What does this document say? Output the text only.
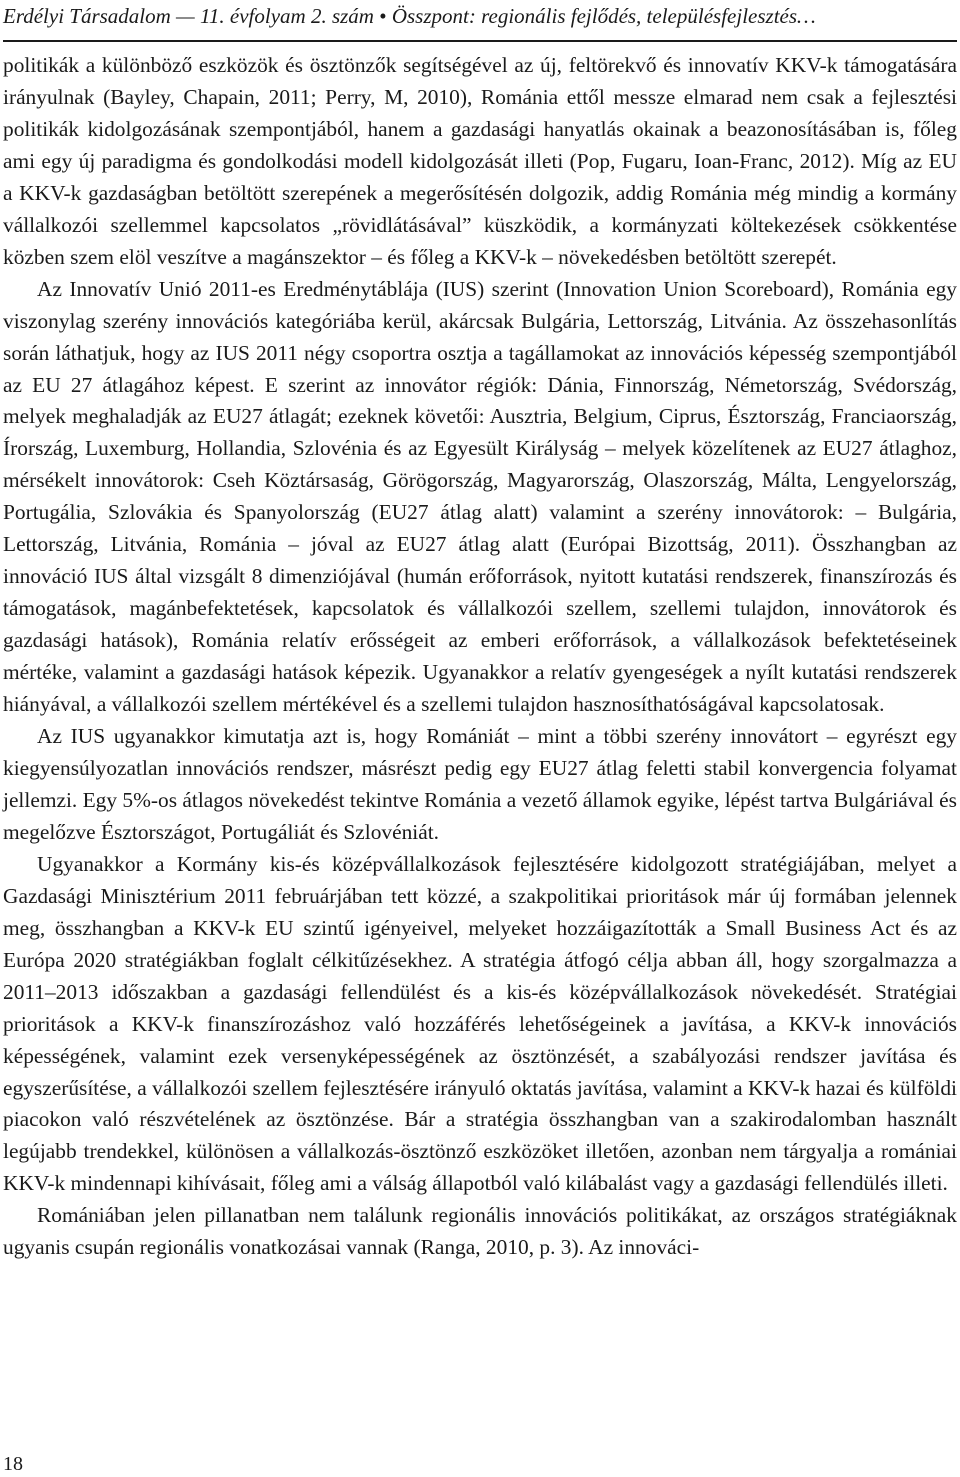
Erdélyi Társadalom — 11. évfolyam 2. szám • Összpont: regionális fejlődés, településfejlesztés…

politikák a különböző eszközök és ösztönzők segítségével az új, feltörekvő és innovatív KKV-k támogatására irányulnak (Bayley, Chapain, 2011; Perry, M, 2010), Románia ettől messze elmarad nem csak a fejlesztési politikák kidolgozásának szempontjából, hanem a gazdasági hanyatlás okainak a beazonosításában is, főleg ami egy új paradigma és gondolkodási modell kidolgozását illeti (Pop, Fugaru, Ioan-Franc, 2012). Míg az EU a KKV-k gazdaságban betöltött szerepének a megerősítésén dolgozik, addig Románia még mindig a kormány vállalkozói szellemmel kapcsolatos „rövidlátásával” küszködik, a kormányzati költekezések csökkentése közben szem elöl veszítve a magánszektor – és főleg a KKV-k – növekedésben betöltött szerepét.

Az Innovatív Unió 2011-es Eredménytáblája (IUS) szerint (Innovation Union Scoreboard), Románia egy viszonylag szerény innovációs kategóriába kerül, akárcsak Bulgária, Lettország, Litvánia. Az összehasonlítás során láthatjuk, hogy az IUS 2011 négy csoportra osztja a tagállamokat az innovációs képesség szempontjából az EU 27 átlagához képest. E szerint az innovátor régiók: Dánia, Finnország, Németország, Svédország, melyek meghaladják az EU27 átlagát; ezeknek követői: Ausztria, Belgium, Ciprus, Észtország, Franciaország, Írország, Luxemburg, Hollandia, Szlovénia és az Egyesült Királyság – melyek közelítenek az EU27 átlaghoz, mérsékelt innovátorok: Cseh Köztársaság, Görögország, Magyarország, Olaszország, Málta, Lengyelország, Portugália, Szlovákia és Spanyolország (EU27 átlag alatt) valamint a szerény innovátorok: – Bulgária, Lettország, Litvánia, Románia – jóval az EU27 átlag alatt (Európai Bizottság, 2011). Összhangban az innováció IUS által vizsgált 8 dimenziójával (humán erőforrások, nyitott kutatási rendszerek, finanszírozás és támogatások, magánbefektetések, kapcsolatok és vállalkozói szellem, szellemi tulajdon, innovátorok és gazdasági hatások), Románia relatív erősségeit az emberi erőforrások, a vállalkozások befektetéseinek mértéke, valamint a gazdasági hatások képezik. Ugyanakkor a relatív gyengeségek a nyílt kutatási rendszerek hiányával, a vállalkozói szellem mértékével és a szellemi tulajdon hasznosíthatóságával kapcsolatosak.

Az IUS ugyanakkor kimutatja azt is, hogy Romániát – mint a többi szerény innovátort – egyrészt egy kiegyensúlyozatlan innovációs rendszer, másrészt pedig egy EU27 átlag feletti stabil konvergencia folyamat jellemzi. Egy 5%-os átlagos növekedést tekintve Románia a vezető államok egyike, lépést tartva Bulgáriával és megelőzve Észtországot, Portugáliát és Szlovéniát.

Ugyanakkor a Kormány kis-és középvállalkozások fejlesztésére kidolgozott stratégiájában, melyet a Gazdasági Minisztérium 2011 februárjában tett közzé, a szakpolitikai prioritások már új formában jelennek meg, összhangban a KKV-k EU szintű igényeivel, melyeket hozzáigazították a Small Business Act és az Európa 2020 stratégiákban foglalt célkitűzésekhez. A stratégia átfogó célja abban áll, hogy szorgalmazza a 2011–2013 időszakban a gazdasági fellendülést és a kis-és középvállalkozások növekedését. Stratégiai prioritások a KKV-k finanszírozáshoz való hozzáférés lehetőségeinek a javítása, a KKV-k innovációs képességének, valamint ezek versenyképességének az ösztönzését, a szabályozási rendszer javítása és egyszerűsítése, a vállalkozói szellem fejlesztésére irányuló oktatás javítása, valamint a KKV-k hazai és külföldi piacokon való részvételének az ösztönzése. Bár a stratégia összhangban van a szakirodalomban használt legújabb trendekkel, különösen a vállalkozás-ösztönző eszközöket illetően, azonban nem tárgyalja a romániai KKV-k mindennapi kihívásait, főleg ami a válság állapotból való kilábalást vagy a gazdasági fellendülés illeti.

Romániában jelen pillanatban nem találunk regionális innovációs politikákat, az országos stratégiáknak ugyanis csupán regionális vonatkozásai vannak (Ranga, 2010, p. 3). Az innováci-

18
